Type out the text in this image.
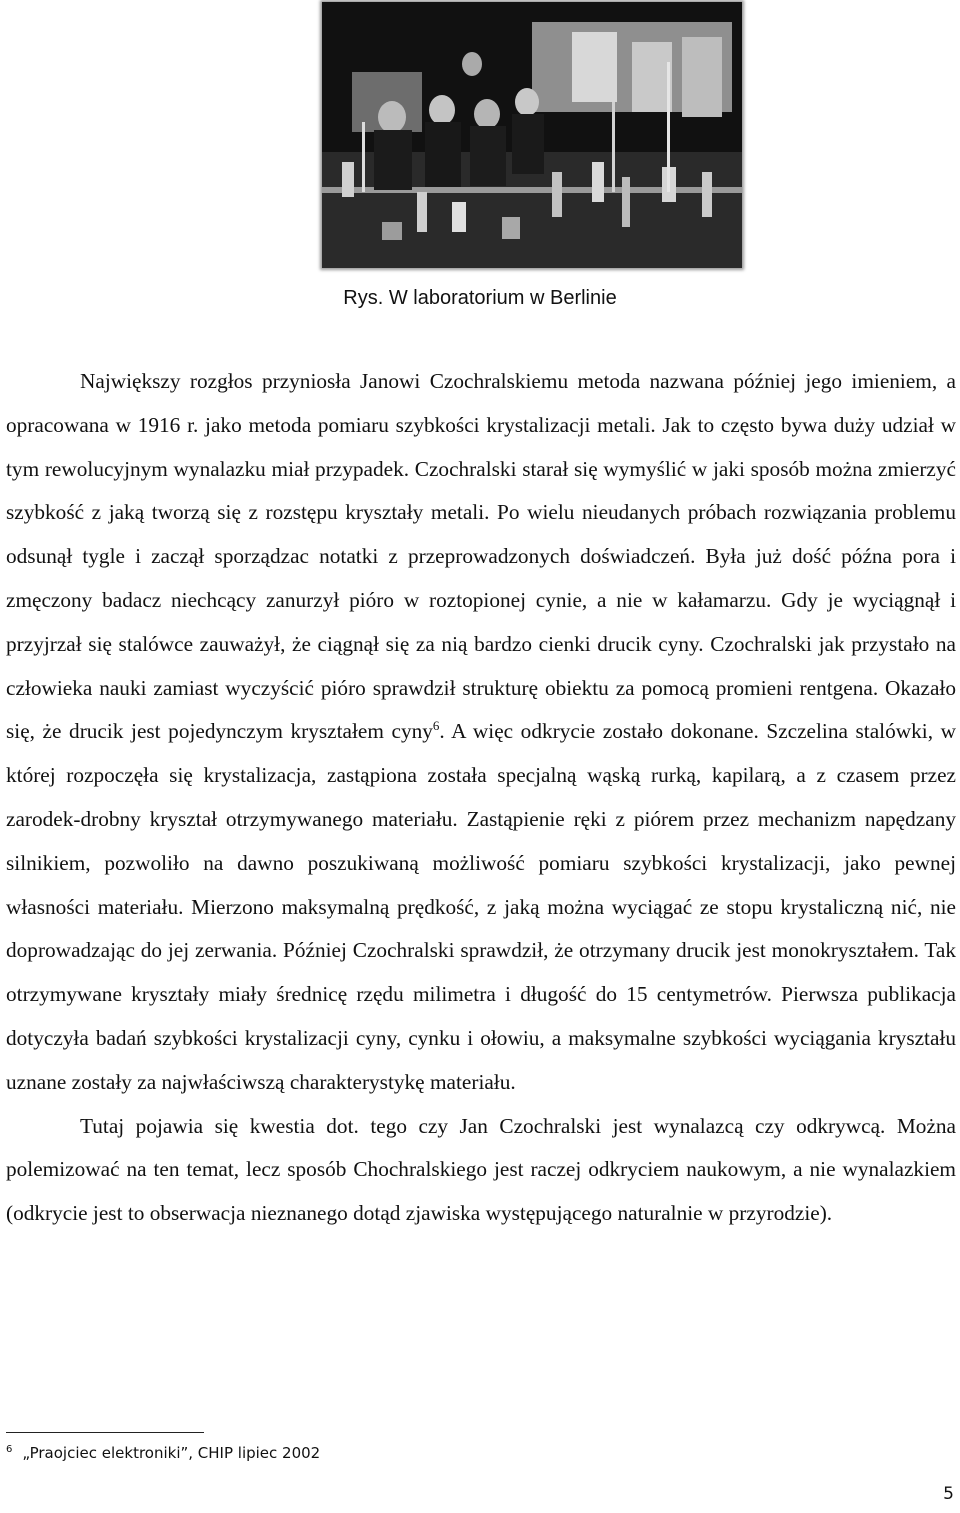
Rys. W laboratorium w Berlinie

Największy rozgłos przyniosła Janowi Czochralskiemu metoda nazwana później jego imieniem, a opracowana w 1916 r. jako metoda pomiaru szybkości krystalizacji metali. Jak to często bywa duży udział w tym rewolucyjnym wynalazku miał przypadek. Czochralski starał się wymyślić w jaki sposób można zmierzyć szybkość z jaką tworzą się z rozstępu kryształy metali. Po wielu nieudanych próbach rozwiązania problemu odsunął tygle i zaczął sporządzac notatki z przeprowadzonych doświadczeń. Była już dość późna pora i zmęczony badacz niechcący zanurzył pióro w roztopionej cynie, a nie w kałamarzu. Gdy je wyciągnął i przyjrzał się stalówce zauważył, że ciągnął się za nią bardzo cienki drucik cyny. Czochralski jak przystało na człowieka nauki zamiast wyczyścić pióro sprawdził strukturę obiektu za pomocą promieni rentgena. Okazało się, że drucik jest pojedynczym kryształem cyny$^6$. A więc odkrycie zostało dokonane. Szczelina stalówki, w której rozpoczęła się krystalizacja, zastąpiona została specjalną wąską rurką, kapilarą, a z czasem przez zarodek-drobny kryształ otrzymywanego materiału. Zastąpienie ręki z piórem przez mechanizm napędzany silnikiem, pozwoliło na dawno poszukiwaną możliwość pomiaru szybkości krystalizacji, jako pewnej własności materiału. Mierzono maksymalną prędkość, z jaką można wyciągać ze stopu krystaliczną nić, nie doprowadzając do jej zerwania. Później Czochralski sprawdził, że otrzymany drucik jest monokryształem. Tak otrzymywane kryształy miały średnicę rzędu milimetra i długość do 15 centymetrów. Pierwsza publikacja dotyczyła badań szybkości krystalizacji cyny, cynku i ołowiu, a maksymalne szybkości wyciągania kryształu uznane zostały za najwłaściwszą charakterystykę materiału.

Tutaj pojawia się kwestia dot. tego czy Jan Czochralski jest wynalazcą czy odkrywcą. Można polemizować na ten temat, lecz sposób Chochralskiego jest raczej odkryciem naukowym, a nie wynalazkiem (odkrycie jest to obserwacja nieznanego dotąd zjawiska występującego naturalnie w przyrodzie).

$^6$ „Praojciec elektroniki”, CHIP lipiec 2002
5
